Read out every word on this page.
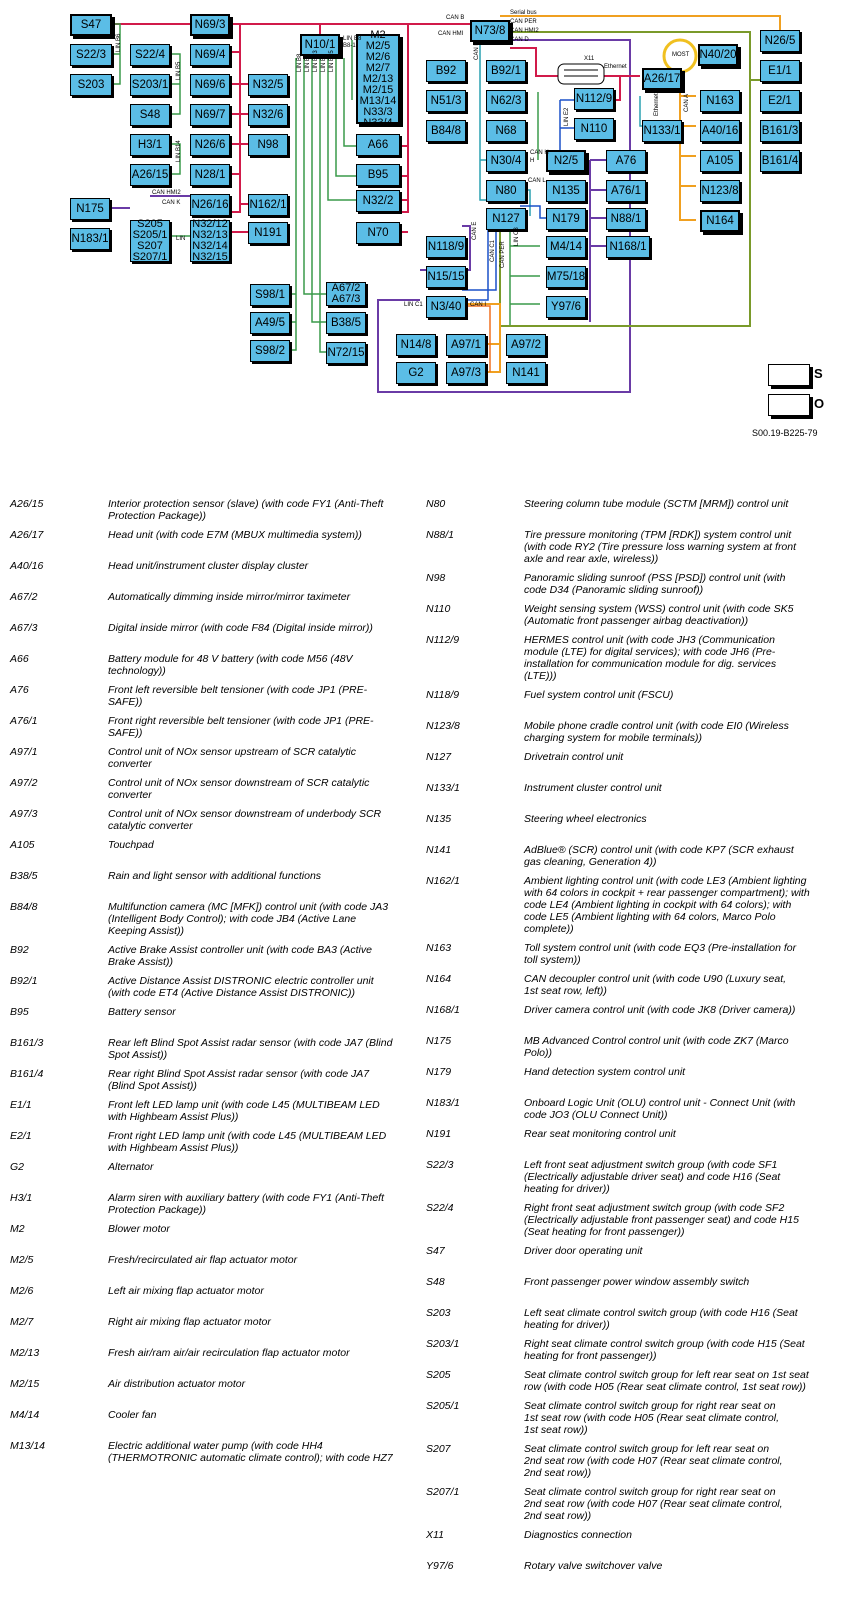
S47
S22/3
S203
S22/4
S203/1
S48
H3/1
A26/15
N69/3
N69/4
N69/6
N69/7
N26/6
N28/1
N32/5
N32/6
N98
N175
N183/1
S205
S205/1
S207
S207/1
N26/16
N32/12
N32/13
N32/14
N32/15
N162/1
N191
N10/1
M2
M2/5
M2/6
M2/7
M2/13
M2/15
M13/14
N33/3
N33/4
A66
B95
N32/2
N70
S98/1
A49/5
S98/2
A67/2
A67/3
B38/5
N72/15
N73/8
B92	B92/1
N51/3	N62/3
B84/8	N68
N112/9
N110
N30/4	N2/5	A76
N80	N135	A76/1
N127	N179	N88/1
N118/9	M4/14	N168/1
N15/15	M75/18
N3/40	Y97/6
N14/8	A97/1	A97/2
G2	A97/3	N141
A26/17
N40/20
N163
N133/1 A40/16
A105
N123/8
N164
N26/5
E1/1
E2/1
B161/3
B161/4
CAN B
Serial bus
CAN HMI
CAN PER
CAN HMI2
CAN D
LIN B6	LIN B8
B8-1
LIN B14
LIN B5
CAN HMI2
CAN K
LIN
LIN B8 LIN B1 LIN B13 LIN B9 LIN B15	X11
Ethernet
Ethernet
MOST
CAN E
LIN E2
CAN H
H
CAN L
CAN E
CAN C1 CAN PER
LIN C3
LIN C1	CAN I
CAN A
S
O
S00.19-B225-79
A26/15	Interior protection sensor (slave) (with code FY1 (Anti-Theft
Protection Package))
A26/17	Head unit (with code E7M (MBUX multimedia system))
A40/16	Head unit/instrument cluster display cluster
A67/2	Automatically dimming inside mirror/mirror taximeter
A67/3	Digital inside mirror (with code F84 (Digital inside mirror))
A66	Battery module for 48 V battery (with code M56 (48V
technology))
A76	Front left reversible belt tensioner (with code JP1 (PRE-
SAFE))
A76/1	Front right reversible belt tensioner (with code JP1 (PRE-
SAFE))
A97/1	Control unit of NOx sensor upstream of SCR catalytic
converter
A97/2	Control unit of NOx sensor downstream of SCR catalytic
converter
A97/3	Control unit of NOx sensor downstream of underbody SCR
catalytic converter
A105	Touchpad
B38/5	Rain and light sensor with additional functions
B84/8	Multifunction camera (MC [MFK]) control unit (with code JA3
(Intelligent Body Control); with code JB4 (Active Lane
Keeping Assist))
B92	Active Brake Assist controller unit (with code BA3 (Active
Brake Assist))
B92/1	Active Distance Assist DISTRONIC electric controller unit
(with code ET4 (Active Distance Assist DISTRONIC))
B95	Battery sensor
B161/3	Rear left Blind Spot Assist radar sensor (with code JA7 (Blind
Spot Assist))
B161/4	Rear right Blind Spot Assist radar sensor (with code JA7
(Blind Spot Assist))
E1/1	Front left LED lamp unit (with code L45 (MULTIBEAM LED
with Highbeam Assist Plus))
E2/1	Front right LED lamp unit (with code L45 (MULTIBEAM LED
with Highbeam Assist Plus))
G2	Alternator
H3/1	Alarm siren with auxiliary battery (with code FY1 (Anti-Theft
Protection Package))
M2	Blower motor
M2/5	Fresh/recirculated air flap actuator motor
M2/6	Left air mixing flap actuator motor
M2/7	Right air mixing flap actuator motor
M2/13	Fresh air/ram air/air recirculation flap actuator motor
M2/15	Air distribution actuator motor
M4/14	Cooler fan
M13/14	Electric additional water pump (with code HH4
(THERMOTRONIC automatic climate control); with code HZ7
N80	Steering column tube module (SCTM [MRM]) control unit
N88/1	Tire pressure monitoring (TPM [RDK]) system control unit
(with code RY2 (Tire pressure loss warning system at front
axle and rear axle, wireless))
N98	Panoramic sliding sunroof (PSS [PSD]) control unit (with
code D34 (Panoramic sliding sunroof))
N110	Weight sensing system (WSS) control unit (with code SK5
(Automatic front passenger airbag deactivation))
N112/9	HERMES control unit (with code JH3 (Communication
module (LTE) for digital services); with code JH6 (Pre-
installation for communication module for dig. services
(LTE)))
N118/9	Fuel system control unit (FSCU)
N123/8	Mobile phone cradle control unit (with code EI0 (Wireless
charging system for mobile terminals))
N127	Drivetrain control unit
N133/1	Instrument cluster control unit
N135	Steering wheel electronics
N141	AdBlue® (SCR) control unit (with code KP7 (SCR exhaust
gas cleaning, Generation 4))
N162/1	Ambient lighting control unit (with code LE3 (Ambient lighting
with 64 colors in cockpit + rear passenger compartment); with
code LE4 (Ambient lighting in cockpit with 64 colors); with
code LE5 (Ambient lighting with 64 colors, Marco Polo
complete))
N163	Toll system control unit (with code EQ3 (Pre-installation for
toll system))
N164	CAN decoupler control unit (with code U90 (Luxury seat,
1st seat row, left))
N168/1	Driver camera control unit (with code JK8 (Driver camera))
N175	MB Advanced Control control unit (with code ZK7 (Marco
Polo))
N179	Hand detection system control unit
N183/1	Onboard Logic Unit (OLU) control unit - Connect Unit (with
code JO3 (OLU Connect Unit))
N191	Rear seat monitoring control unit
S22/3	Left front seat adjustment switch group (with code SF1
(Electrically adjustable driver seat) and code H16 (Seat
heating for driver))
S22/4	Right front seat adjustment switch group (with code SF2
(Electrically adjustable front passenger seat) and code H15
(Seat heating for front passenger))
S47	Driver door operating unit
S48	Front passenger power window assembly switch
S203	Left seat climate control switch group (with code H16 (Seat
heating for driver))
S203/1	Right seat climate control switch group (with code H15 (Seat
heating for front passenger))
S205	Seat climate control switch group for left rear seat on 1st seat
row (with code H05 (Rear seat climate control, 1st seat row))
S205/1	Seat climate control switch group for right rear seat on
1st seat row (with code H05 (Rear seat climate control,
1st seat row))
S207	Seat climate control switch group for left rear seat on
2nd seat row (with code H07 (Rear seat climate control,
2nd seat row))
S207/1	Seat climate control switch group for right rear seat on
2nd seat row (with code H07 (Rear seat climate control,
2nd seat row))
X11	Diagnostics connection
Y97/6	Rotary valve switchover valve
